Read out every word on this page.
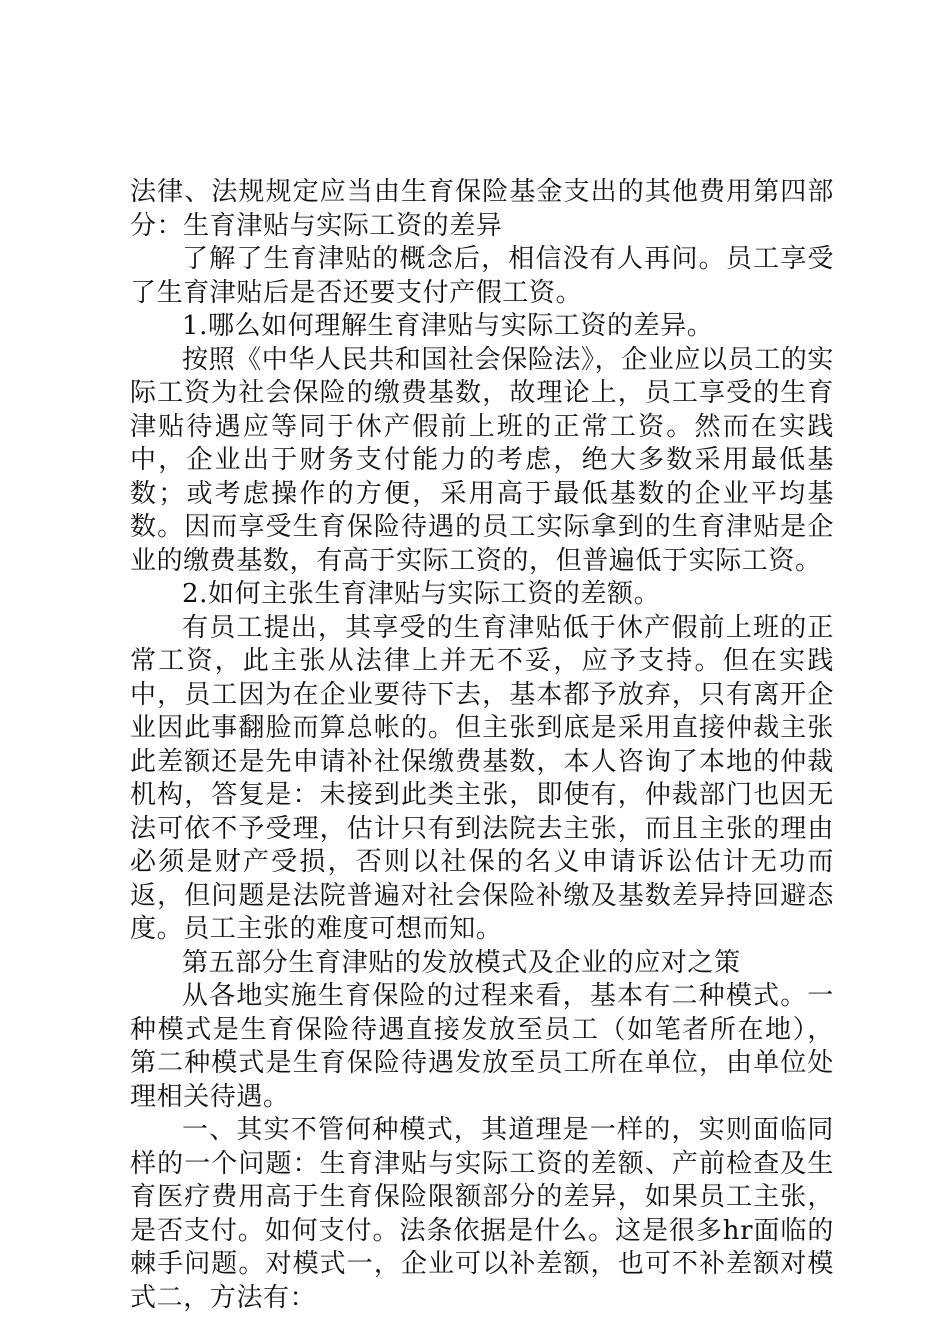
法律、法规规定应当由生育保险基金支出的其他费用第四部分：生育津贴与实际工资的差异

了解了生育津贴的概念后，相信没有人再问。员工享受了生育津贴后是否还要支付产假工资。

1.哪么如何理解生育津贴与实际工资的差异。

按照《中华人民共和国社会保险法》，企业应以员工的实际工资为社会保险的缴费基数，故理论上，员工享受的生育津贴待遇应等同于休产假前上班的正常工资。然而在实践中，企业出于财务支付能力的考虑，绝大多数采用最低基数；或考虑操作的方便，采用高于最低基数的企业平均基数。因而享受生育保险待遇的员工实际拿到的生育津贴是企业的缴费基数，有高于实际工资的，但普遍低于实际工资。

2.如何主张生育津贴与实际工资的差额。

有员工提出，其享受的生育津贴低于休产假前上班的正常工资，此主张从法律上并无不妥，应予支持。但在实践中，员工因为在企业要待下去，基本都予放弃，只有离开企业因此事翻脸而算总帐的。但主张到底是采用直接仲裁主张此差额还是先申请补社保缴费基数，本人咨询了本地的仲裁机构，答复是：未接到此类主张，即使有，仲裁部门也因无法可依不予受理，估计只有到法院去主张，而且主张的理由必须是财产受损，否则以社保的名义申请诉讼估计无功而返，但问题是法院普遍对社会保险补缴及基数差异持回避态度。员工主张的难度可想而知。

第五部分生育津贴的发放模式及企业的应对之策

从各地实施生育保险的过程来看，基本有二种模式。一种模式是生育保险待遇直接发放至员工（如笔者所在地），第二种模式是生育保险待遇发放至员工所在单位，由单位处理相关待遇。

一、其实不管何种模式，其道理是一样的，实则面临同样的一个问题：生育津贴与实际工资的差额、产前检查及生育医疗费用高于生育保险限额部分的差异，如果员工主张，是否支付。如何支付。法条依据是什么。这是很多hr面临的棘手问题。对模式一，企业可以补差额，也可不补差额对模式二，方法有：
